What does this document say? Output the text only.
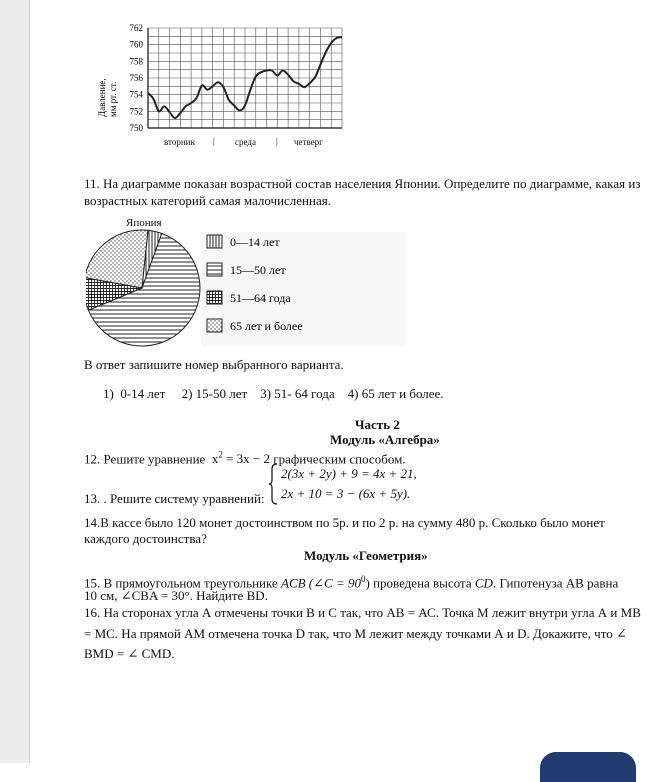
762
760
758
756
754
752
750
Давление, мм рт. ст.
вторник | среда | четверг
11. На диаграмме показан возрастной состав населения Японии. Определите по диаграмме, какая из
возрастных категорий самая малочисленная.
Япония
0—14 лет
15—50 лет
51—64 года
65 лет и более
В ответ запишите номер выбранного варианта.
1)  0-14 лет     2) 15-50 лет    3) 51- 64 года    4) 65 лет и более.
Часть 2
Модуль «Алгебра»
12. Решите уравнение $x^2 = 3x - 2$ графическим способом.
13. . Решите систему уравнений:
2(3x + 2y) + 9 = 4x + 21,
2x + 10 = 3 − (6x + 5y).
14.В кассе было 120 монет достоинством по 5р. и по 2 р. на сумму 480 р. Сколько было монет
каждого достоинства?
Модуль «Геометрия»
15. В прямоугольном треугольнике ACB (∠C = $90^0$) проведена высота CD. Гипотенуза AB равна
10 см, ∠CBA = 30°. Найдите BD.
16. На сторонах угла А отмечены точки В и С так, что АВ = АС. Точка М лежит внутри угла А и МВ
= МС. На прямой АМ отмечена точка D так, что М лежит между точками А и D. Докажите, что ∠
BMD = ∠ CMD.
